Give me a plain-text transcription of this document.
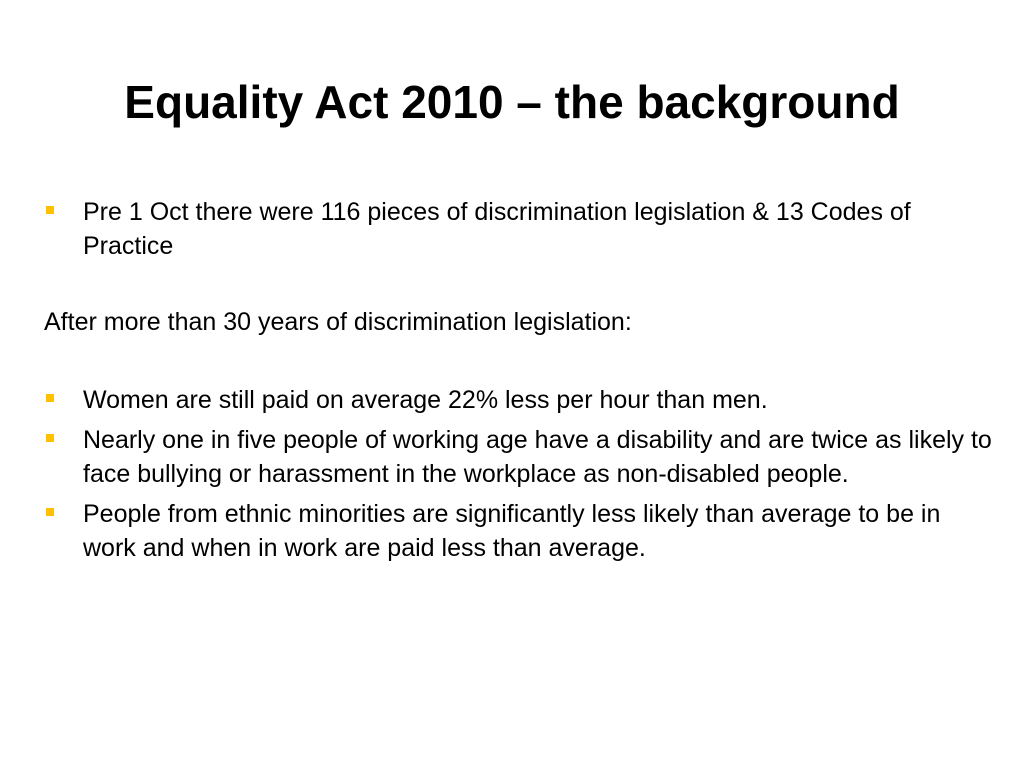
Equality Act 2010 – the background
Pre 1 Oct there were 116 pieces of discrimination legislation & 13 Codes of Practice

After more than 30 years of discrimination legislation:

Women are still paid on average 22% less per hour than men.
Nearly one in five people of working age have a disability and are twice as likely to face bullying or harassment in the workplace as non-disabled people.
People from ethnic minorities are significantly less likely than average to be in work and when in work are paid less than average.
